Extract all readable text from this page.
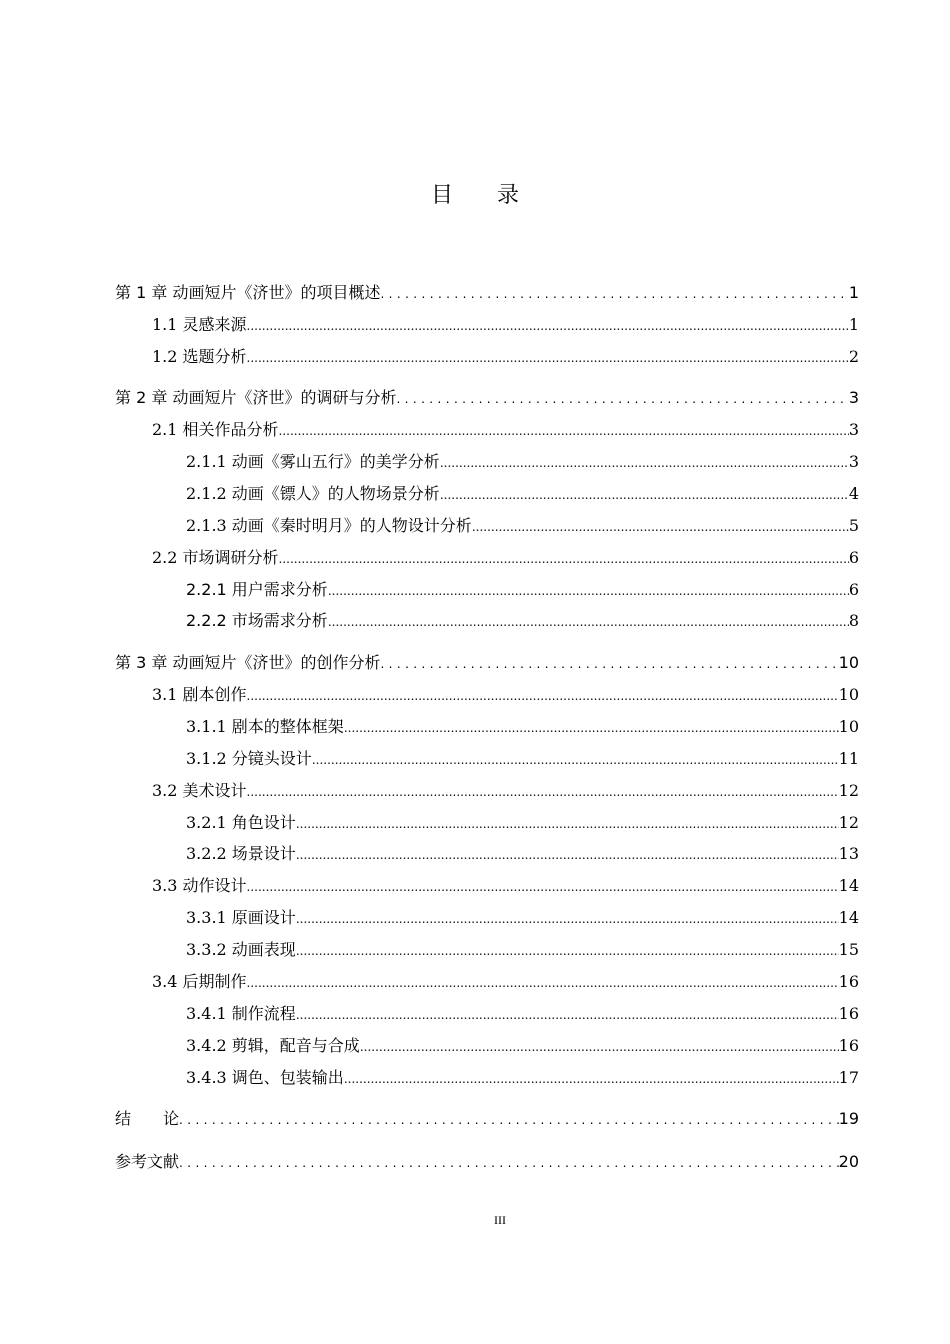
目　　录
第 1 章 动画短片《济世》的项目概述 .....	1
1.1 灵感来源 .....	1
1.2 选题分析 .....	2
第 2 章 动画短片《济世》的调研与分析 .....	3
2.1 相关作品分析 .....	3
2.1.1 动画《雾山五行》的美学分析 .....	3
2.1.2 动画《镖人》的人物场景分析 .....	4
2.1.3 动画《秦时明月》的人物设计分析 .....	5
2.2 市场调研分析 .....	6
2.2.1 用户需求分析 .....	6
2.2.2 市场需求分析 .....	8
第 3 章 动画短片《济世》的创作分析 .....	10
3.1 剧本创作 .....	10
3.1.1 剧本的整体框架 .....	10
3.1.2 分镜头设计 .....	11
3.2 美术设计 .....	12
3.2.1 角色设计 .....	12
3.2.2 场景设计 .....	13
3.3 动作设计 .....	14
3.3.1 原画设计 .....	14
3.3.2 动画表现 .....	15
3.4 后期制作 .....	16
3.4.1 制作流程 .....	16
3.4.2 剪辑，配音与合成 .....	16
3.4.3 调色、包装输出 .....	17
结　　论 .....	19
参考文献 .....	20
III
